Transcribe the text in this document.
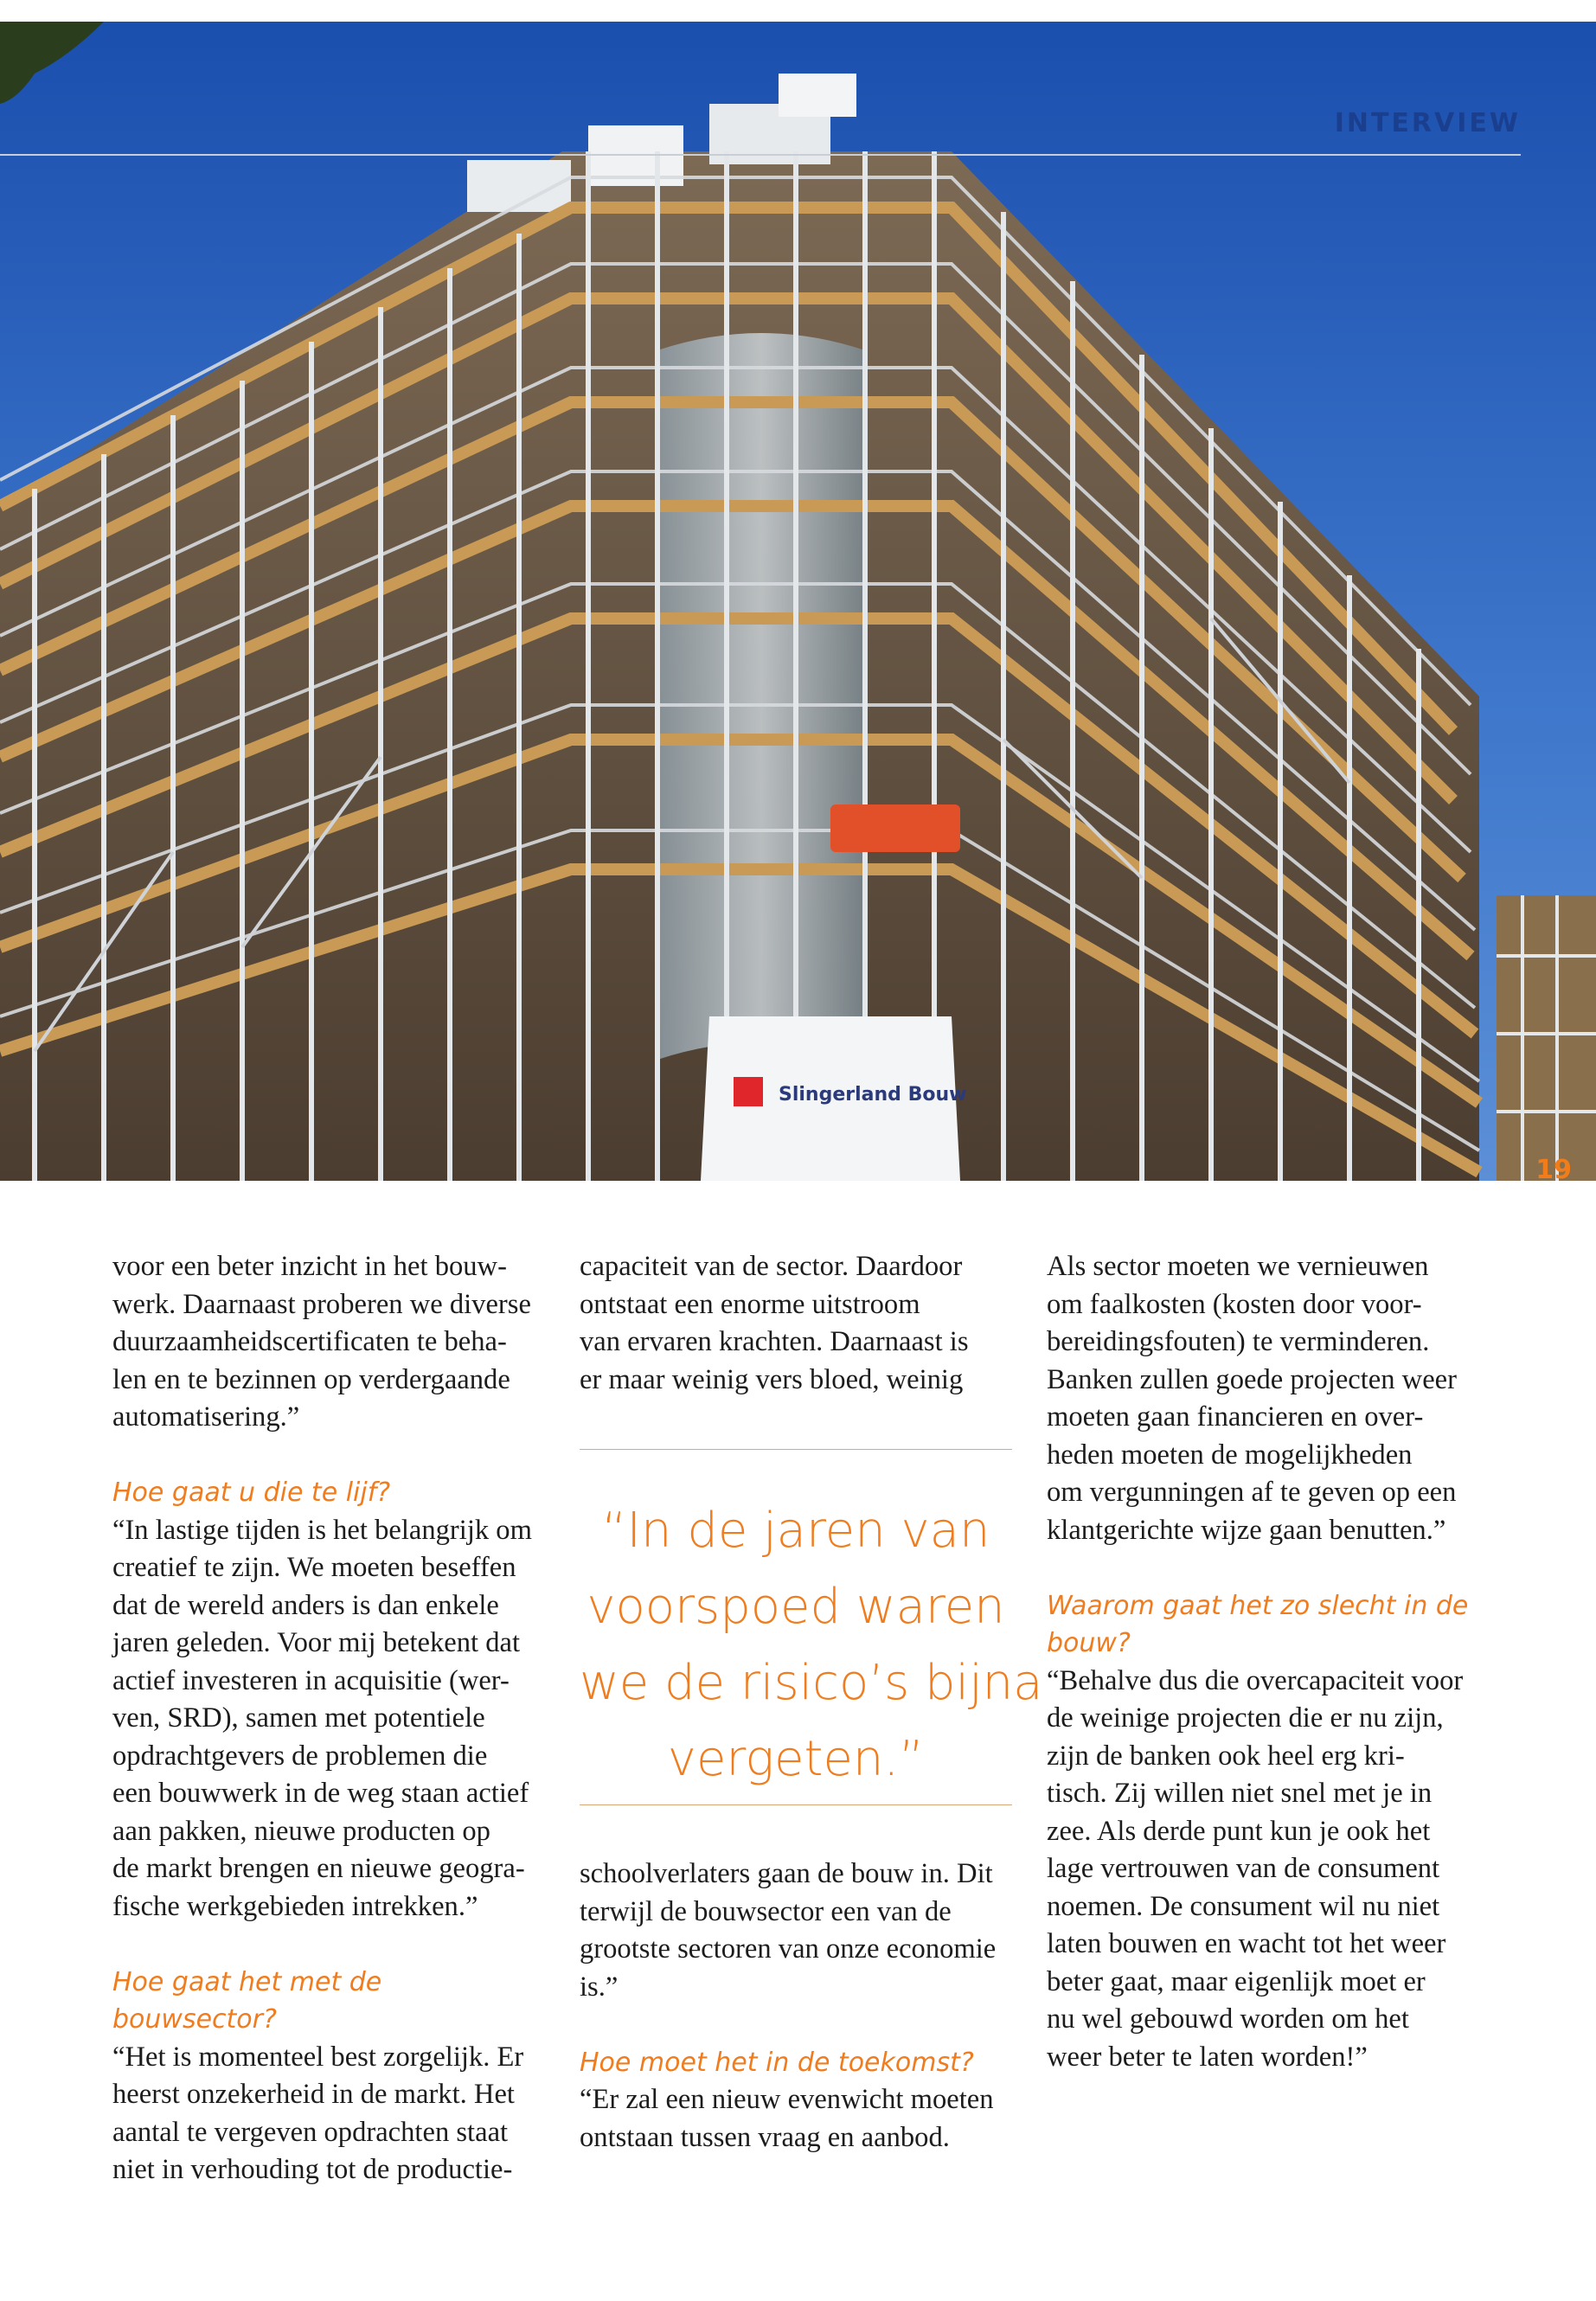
Slingerland Bouw
INTERVIEW
19

voor een beter inzicht in het bouw-
werk. Daarnaast proberen we diverse
duurzaamheidscertificaten te beha-
len en te bezinnen op verdergaande
automatisering.”

Hoe gaat u die te lijf?

“In lastige tijden is het belangrijk om
creatief te zijn. We moeten beseffen
dat de wereld anders is dan enkele
jaren geleden. Voor mij betekent dat
actief investeren in acquisitie (wer-
ven, SRD), samen met potentiele
opdrachtgevers de problemen die
een bouwwerk in de weg staan actief
aan pakken, nieuwe producten op
de markt brengen en nieuwe geogra-
fische werkgebieden intrekken.”

Hoe gaat het met de bouwsector?

“Het is momenteel best zorgelijk. Er
heerst onzekerheid in de markt. Het
aantal te vergeven opdrachten staat
niet in verhouding tot de productie-

capaciteit van de sector. Daardoor
ontstaat een enorme uitstroom
van ervaren krachten. Daarnaast is
er maar weinig vers bloed, weinig

“In de jaren van
voorspoed waren
we de risico’s bijna
vergeten.”

schoolverlaters gaan de bouw in. Dit
terwijl de bouwsector een van de
grootste sectoren van onze economie
is.”

Hoe moet het in de toekomst?

“Er zal een nieuw evenwicht moeten
ontstaan tussen vraag en aanbod.

Als sector moeten we vernieuwen
om faalkosten (kosten door voor-
bereidingsfouten) te verminderen.
Banken zullen goede projecten weer
moeten gaan financieren en over-
heden moeten de mogelijkheden
om vergunningen af te geven op een
klantgerichte wijze gaan benutten.”

Waarom gaat het zo slecht in de
bouw?

“Behalve dus die overcapaciteit voor
de weinige projecten die er nu zijn,
zijn de banken ook heel erg kri-
tisch. Zij willen niet snel met je in
zee. Als derde punt kun je ook het
lage vertrouwen van de consument
noemen. De consument wil nu niet
laten bouwen en wacht tot het weer
beter gaat, maar eigenlijk moet er
nu wel gebouwd worden om het
weer beter te laten worden!”
